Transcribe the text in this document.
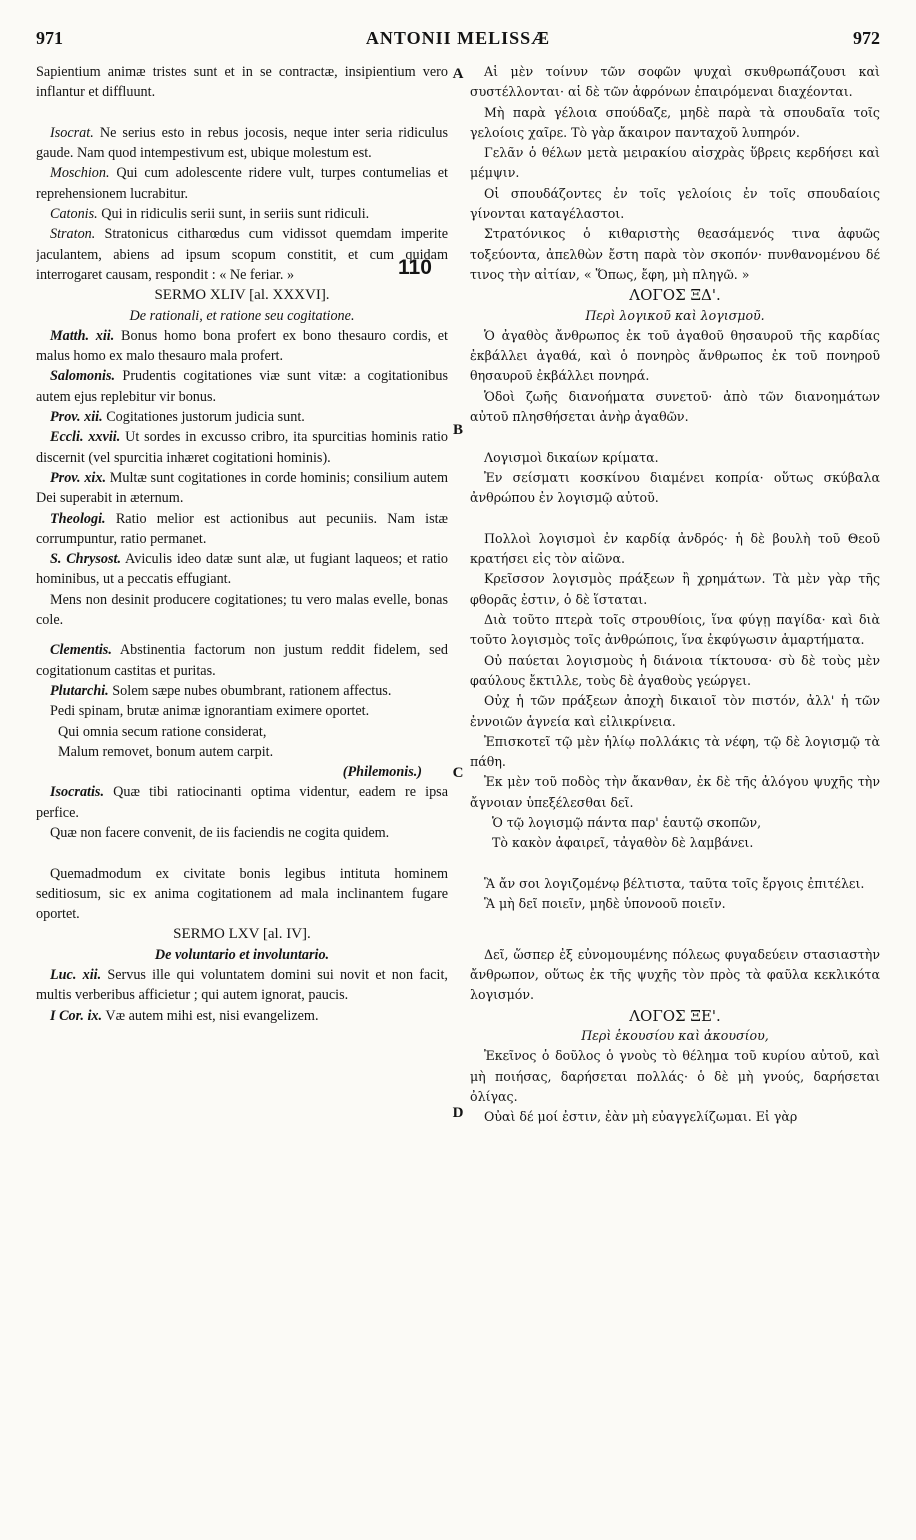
971	ANTONII MELISSÆ	972
A
B
C
D
110

Sapientium animæ tristes sunt et in se contractæ, insipientium vero inflantur et diffluunt.

Isocrat. Ne serius esto in rebus jocosis, neque inter seria ridiculus gaude. Nam quod intempestivum est, ubique molestum est.

Moschion. Qui cum adolescente ridere vult, turpes contumelias et reprehensionem lucrabitur.

Catonis. Qui in ridiculis serii sunt, in seriis sunt ridiculi.

Straton. Stratonicus citharœdus cum vidissot quemdam imperite jaculantem, abiens ad ipsum scopum constitit, et cum quidam interrogaret causam, respondit : « Ne feriar. »

SERMO XLIV [al. XXXVI].

De rationali, et ratione seu cogitatione.

Matth. xii. Bonus homo bona profert ex bono thesauro cordis, et malus homo ex malo thesauro mala profert.

Salomonis. Prudentis cogitationes viæ sunt vitæ: a cogitationibus autem ejus replebitur vir bonus.

Prov. xii. Cogitationes justorum judicia sunt.

Eccli. xxvii. Ut sordes in excusso cribro, ita spurcitias hominis ratio discernit (vel spurcitia inhæret cogitationi hominis).

Prov. xix. Multæ sunt cogitationes in corde hominis; consilium autem Dei superabit in æternum.

Theologi. Ratio melior est actionibus aut pecuniis. Nam istæ corrumpuntur, ratio permanet.

S. Chrysost. Aviculis ideo datæ sunt alæ, ut fugiant laqueos; et ratio hominibus, ut a peccatis effugiant.

Mens non desinit producere cogitationes; tu vero malas evelle, bonas cole.

Clementis. Abstinentia factorum non justum reddit fidelem, sed cogitationum castitas et puritas.

Plutarchi. Solem sæpe nubes obumbrant, rationem affectus.

Pedi spinam, brutæ animæ ignorantiam eximere oportet.

Qui omnia secum ratione considerat,

Malum removet, bonum autem carpit.

(Philemonis.)

Isocratis. Quæ tibi ratiocinanti optima videntur, eadem re ipsa perfice.

Quæ non facere convenit, de iis faciendis ne cogita quidem.

Quemadmodum ex civitate bonis legibus intituta hominem seditiosum, sic ex anima cogitationem ad mala inclinantem fugare oportet.

SERMO LXV [al. IV].

De voluntario et involuntario.

Luc. xii. Servus ille qui voluntatem domini sui novit et non facit, multis verberibus afficietur ; qui autem ignorat, paucis.

I Cor. ix. Væ autem mihi est, nisi evangelizem.

Αἱ μὲν τοίνυν τῶν σοφῶν ψυχαὶ σκυθρωπάζουσι καὶ συστέλλονται· αἱ δὲ τῶν ἀφρόνων ἐπαιρόμεναι διαχέονται.

Μὴ παρὰ γέλοια σπούδαζε, μηδὲ παρὰ τὰ σπουδαῖα τοῖς γελοίοις χαῖρε. Τὸ γὰρ ἄκαιρον πανταχοῦ λυπηρόν.

Γελᾶν ὁ θέλων μετὰ μειρακίου αἰσχρὰς ὕβρεις κερδήσει καὶ μέμψιν.

Οἱ σπουδάζοντες ἐν τοῖς γελοίοις ἐν τοῖς σπουδαίοις γίνονται καταγέλαστοι.

Στρατόνικος ὁ κιθαριστὴς θεασάμενός τινα ἀφυῶς τοξεύοντα, ἀπελθὼν ἔστη παρὰ τὸν σκοπόν· πυνθανομένου δέ τινος τὴν αἰτίαν, « Ὅπως, ἔφη, μὴ πληγῶ. »

ΛΟΓΟΣ ΞΔ'.

Περὶ λογικοῦ καὶ λογισμοῦ.

Ὁ ἀγαθὸς ἄνθρωπος ἐκ τοῦ ἀγαθοῦ θησαυροῦ τῆς καρδίας ἐκβάλλει ἀγαθά, καὶ ὁ πονηρὸς ἄνθρωπος ἐκ τοῦ πονηροῦ θησαυροῦ ἐκβάλλει πονηρά.

Ὁδοὶ ζωῆς διανοήματα συνετοῦ· ἀπὸ τῶν διανοημάτων αὐτοῦ πλησθήσεται ἀνὴρ ἀγαθῶν.

Λογισμοὶ δικαίων κρίματα.

Ἐν σείσματι κοσκίνου διαμένει κοπρία· οὕτως σκύβαλα ἀνθρώπου ἐν λογισμῷ αὐτοῦ.

Πολλοὶ λογισμοὶ ἐν καρδίᾳ ἀνδρός· ἡ δὲ βουλὴ τοῦ Θεοῦ κρατήσει εἰς τὸν αἰῶνα.

Κρεῖσσον λογισμὸς πράξεων ἢ χρημάτων. Τὰ μὲν γὰρ τῆς φθορᾶς ἐστιν, ὁ δὲ ἵσταται.

Διὰ τοῦτο πτερὰ τοῖς στρουθίοις, ἵνα φύγῃ παγίδα· καὶ διὰ τοῦτο λογισμὸς τοῖς ἀνθρώποις, ἵνα ἐκφύγωσιν ἁμαρτήματα.

Οὐ παύεται λογισμοὺς ἡ διάνοια τίκτουσα· σὺ δὲ τοὺς μὲν φαύλους ἔκτιλλε, τοὺς δὲ ἀγαθοὺς γεώργει.

Οὐχ ἡ τῶν πράξεων ἀποχὴ δικαιοῖ τὸν πιστόν, ἀλλ' ἡ τῶν ἐννοιῶν ἁγνεία καὶ εἰλικρίνεια.

Ἐπισκοτεῖ τῷ μὲν ἡλίῳ πολλάκις τὰ νέφη, τῷ δὲ λογισμῷ τὰ πάθη.

Ἐκ μὲν τοῦ ποδὸς τὴν ἄκανθαν, ἐκ δὲ τῆς ἀλόγου ψυχῆς τὴν ἄγνοιαν ὑπεξέλεσθαι δεῖ.

Ὁ τῷ λογισμῷ πάντα παρ' ἑαυτῷ σκοπῶν,

Τὸ κακὸν ἀφαιρεῖ, τἀγαθὸν δὲ λαμβάνει.

Ἃ ἄν σοι λογιζομένῳ βέλτιστα, ταῦτα τοῖς ἔργοις ἐπιτέλει.

Ἃ μὴ δεῖ ποιεῖν, μηδὲ ὑπονοοῦ ποιεῖν.

Δεῖ, ὥσπερ ἐξ εὐνομουμένης πόλεως φυγαδεύειν στασιαστὴν ἄνθρωπον, οὕτως ἐκ τῆς ψυχῆς τὸν πρὸς τὰ φαῦλα κεκλικότα λογισμόν.

ΛΟΓΟΣ ΞΕ'.

Περὶ ἑκουσίου καὶ ἀκουσίου,

Ἐκεῖνος ὁ δοῦλος ὁ γνοὺς τὸ θέλημα τοῦ κυρίου αὐτοῦ, καὶ μὴ ποιήσας, δαρήσεται πολλάς· ὁ δὲ μὴ γνούς, δαρήσεται ὀλίγας.

Οὐαὶ δέ μοί ἐστιν, ἐὰν μὴ εὐαγγελίζωμαι. Εἰ γὰρ
